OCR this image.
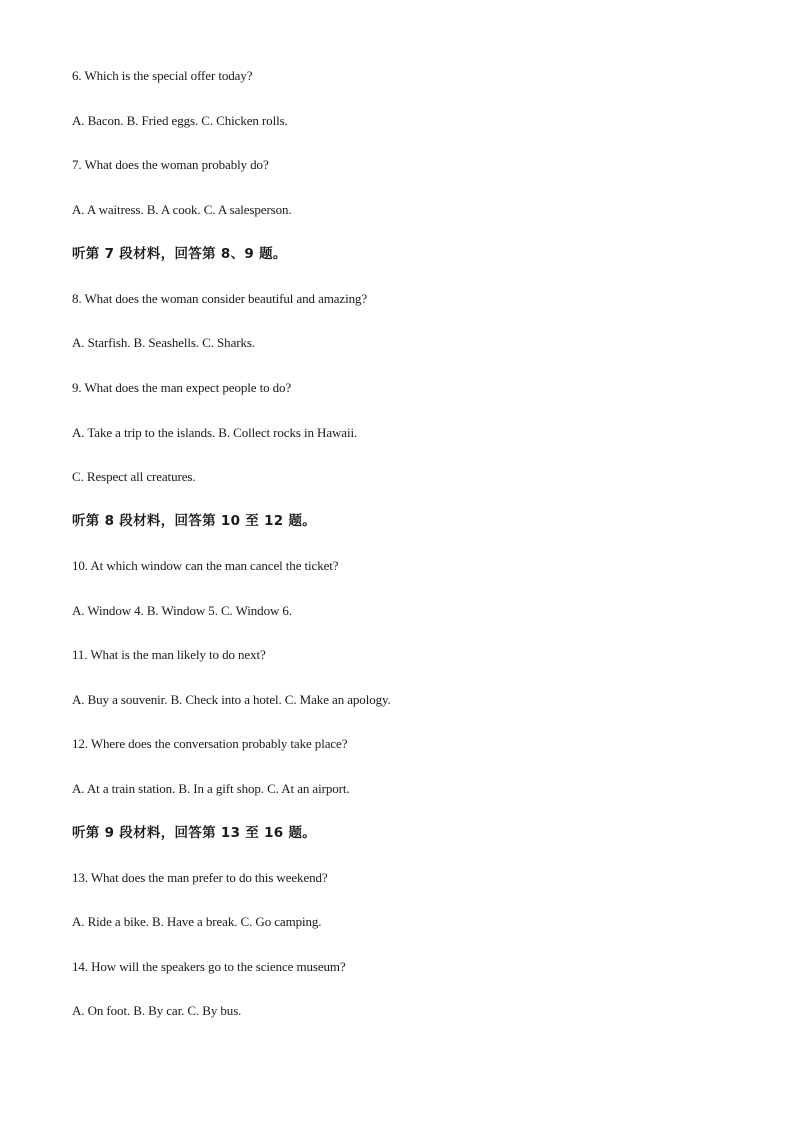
6. Which is the special offer today?
A. Bacon. B. Fried eggs. C. Chicken rolls.
7. What does the woman probably do?
A. A waitress. B. A cook. C. A salesperson.
听第 7 段材料，回答第 8、9 题。
8. What does the woman consider beautiful and amazing?
A. Starfish. B. Seashells. C. Sharks.
9. What does the man expect people to do?
A. Take a trip to the islands. B. Collect rocks in Hawaii.
C. Respect all creatures.
听第 8 段材料，回答第 10 至 12 题。
10. At which window can the man cancel the ticket?
A. Window 4. B. Window 5. C. Window 6.
11. What is the man likely to do next?
A. Buy a souvenir. B. Check into a hotel. C. Make an apology.
12. Where does the conversation probably take place?
A. At a train station. B. In a gift shop. C. At an airport.
听第 9 段材料，回答第 13 至 16 题。
13. What does the man prefer to do this weekend?
A. Ride a bike. B. Have a break. C. Go camping.
14. How will the speakers go to the science museum?
A. On foot. B. By car. C. By bus.
